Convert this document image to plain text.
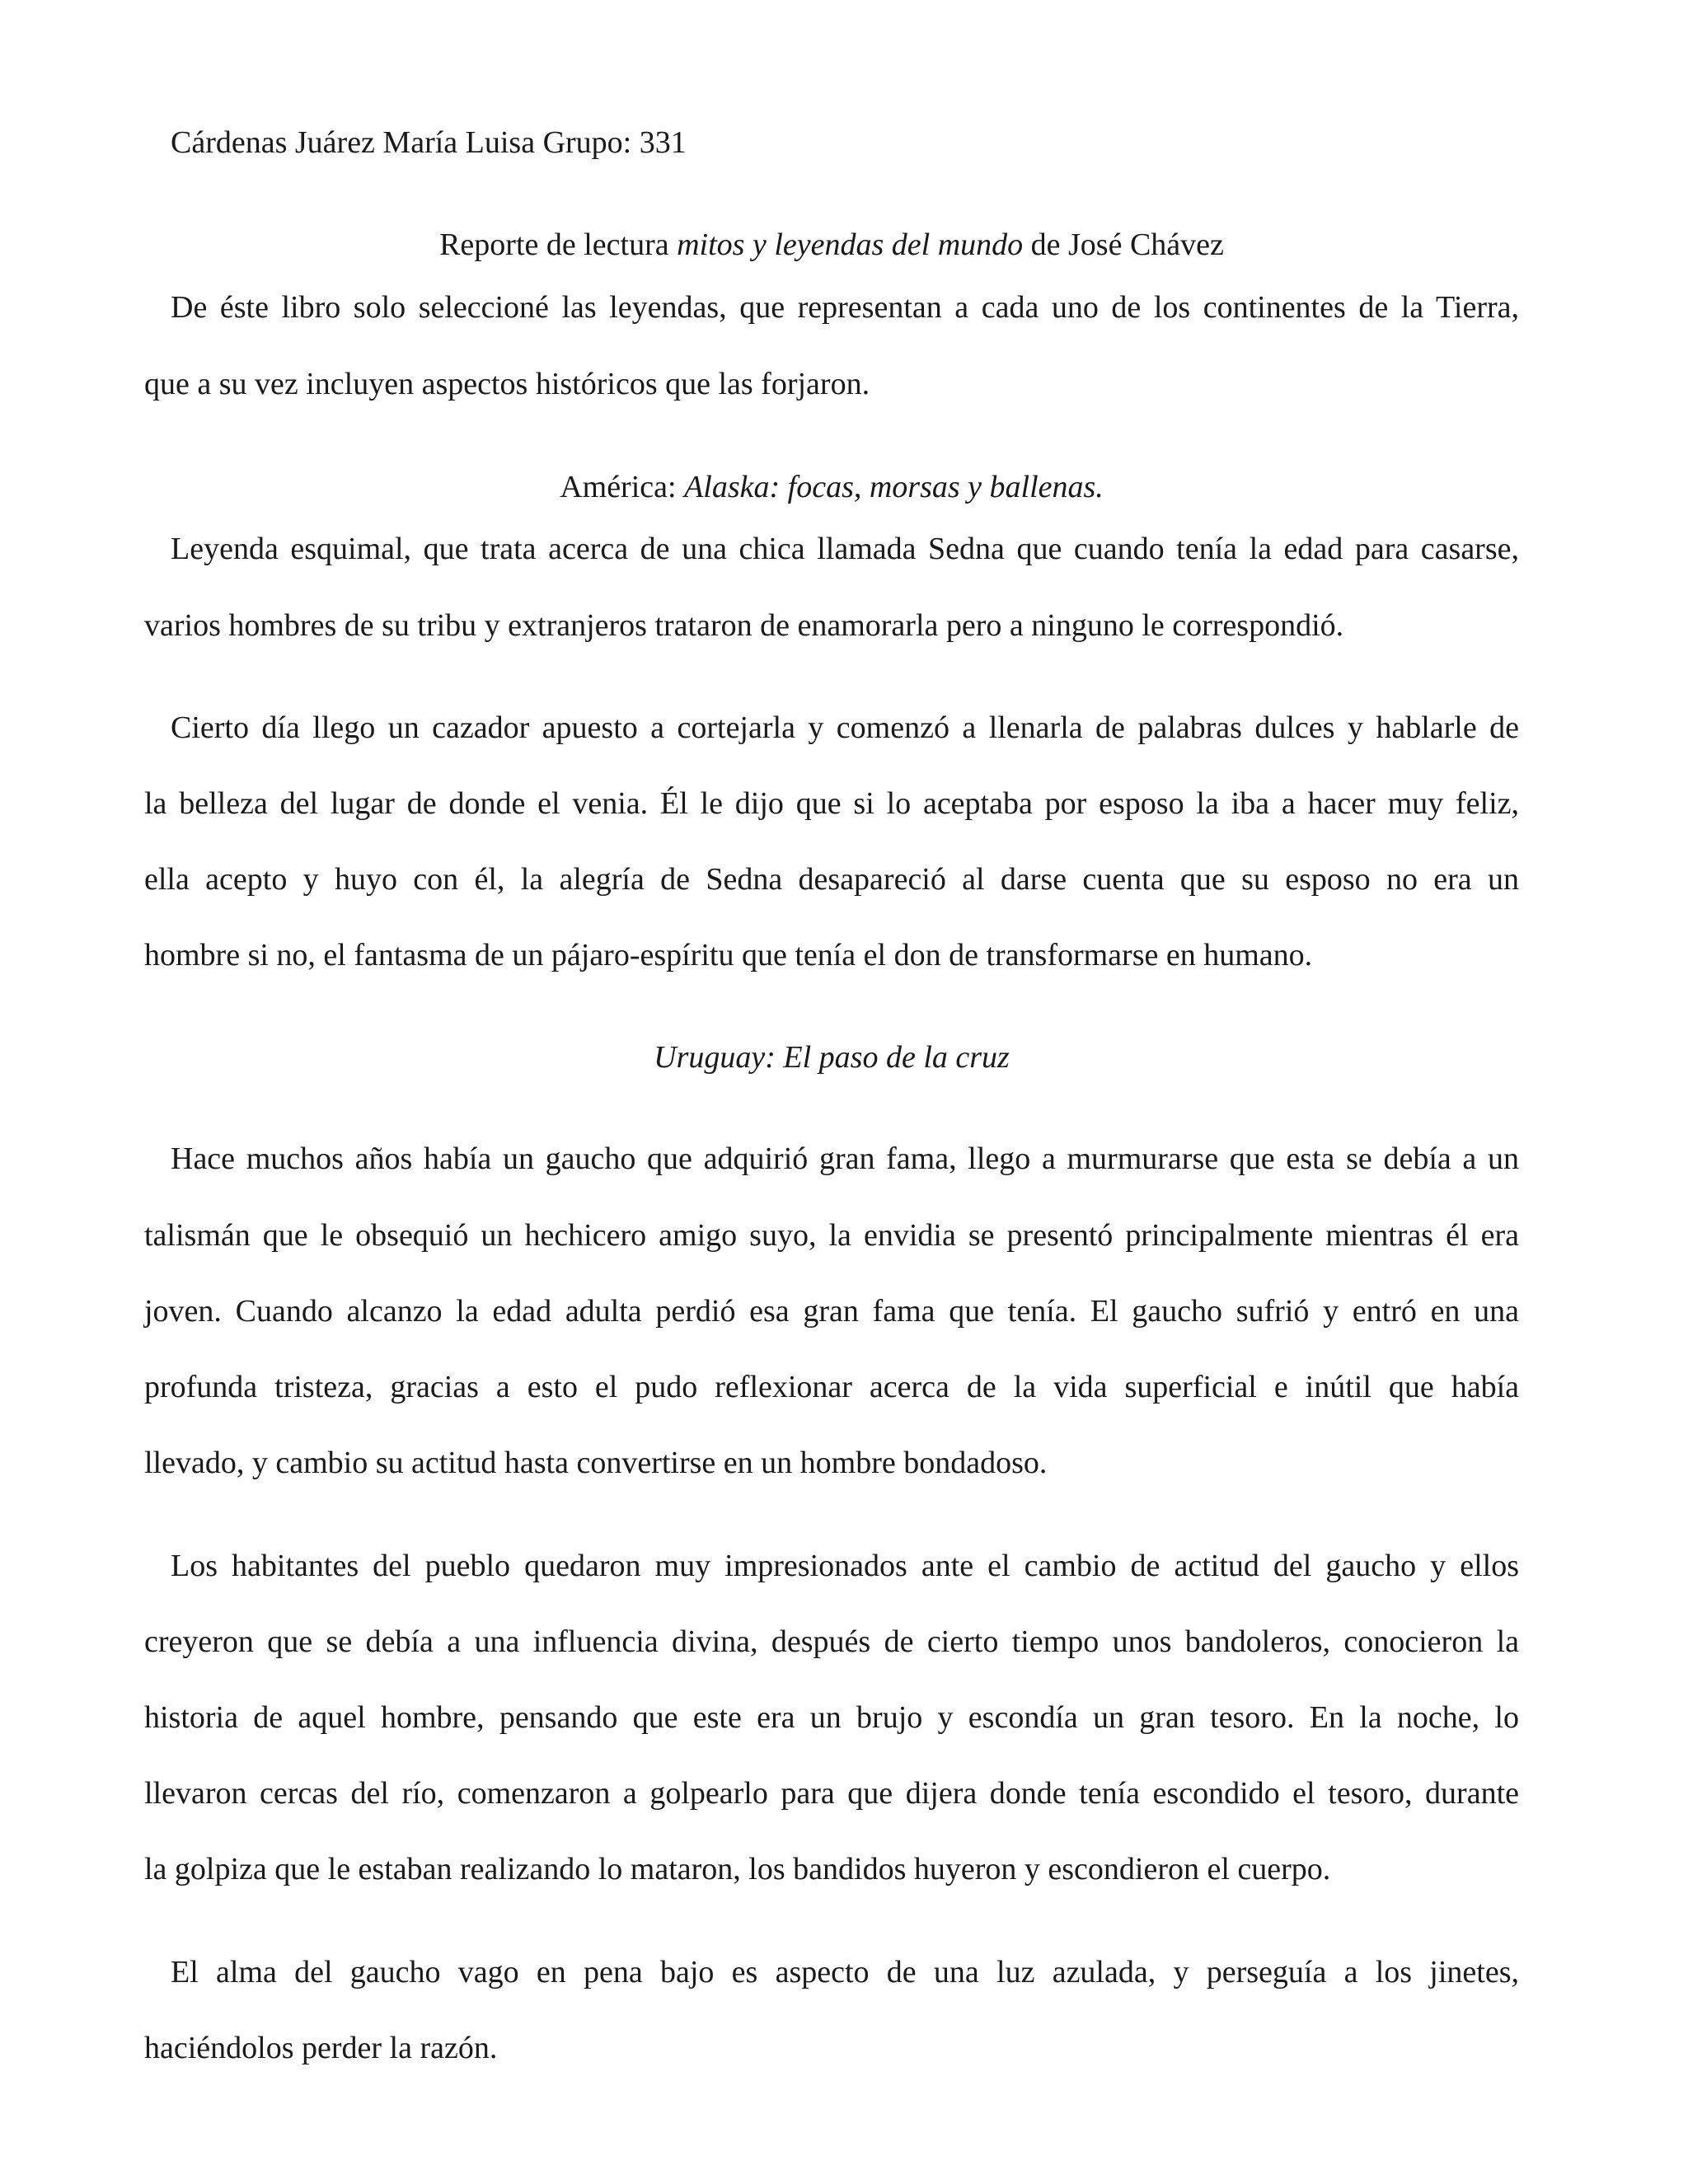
Cárdenas Juárez María Luisa Grupo: 331
Reporte de lectura mitos y leyendas del mundo de José Chávez
De éste libro solo seleccioné las leyendas, que representan a cada uno de los continentes de la Tierra,
que a su vez incluyen aspectos históricos que las forjaron.
América: Alaska: focas, morsas y ballenas.
Leyenda esquimal, que trata acerca de una chica llamada Sedna que cuando tenía la edad para casarse,
varios hombres de su tribu y extranjeros trataron de enamorarla pero a ninguno le correspondió.
Cierto día llego un cazador apuesto a cortejarla y comenzó a llenarla de palabras dulces y hablarle de
la belleza del lugar de donde el venia. Él le dijo que si lo aceptaba por esposo la iba a hacer muy feliz,
ella acepto y huyo con él, la alegría de Sedna desapareció al darse cuenta que su esposo no era un
hombre si no, el fantasma de un pájaro-espíritu que tenía el don de transformarse en humano.
Uruguay: El paso de la cruz
Hace muchos años había un gaucho que adquirió gran fama, llego a murmurarse que esta se debía a un
talismán que le obsequió un hechicero amigo suyo, la envidia se presentó principalmente mientras él era
joven. Cuando alcanzo la edad adulta perdió esa gran fama que tenía. El gaucho sufrió y entró en una
profunda tristeza, gracias a esto el pudo reflexionar acerca de la vida superficial e inútil que había
llevado, y cambio su actitud hasta convertirse en un hombre bondadoso.
Los habitantes del pueblo quedaron muy impresionados ante el cambio de actitud del gaucho y ellos
creyeron que se debía a una influencia divina, después de cierto tiempo unos bandoleros, conocieron la
historia de aquel hombre, pensando que este era un brujo y escondía un gran tesoro. En la noche, lo
llevaron cercas del río, comenzaron a golpearlo para que dijera donde tenía escondido el tesoro, durante
la golpiza que le estaban realizando lo mataron, los bandidos huyeron y escondieron el cuerpo.
El alma del gaucho vago en pena bajo es aspecto de una luz azulada, y perseguía a los jinetes,
haciéndolos perder la razón.
